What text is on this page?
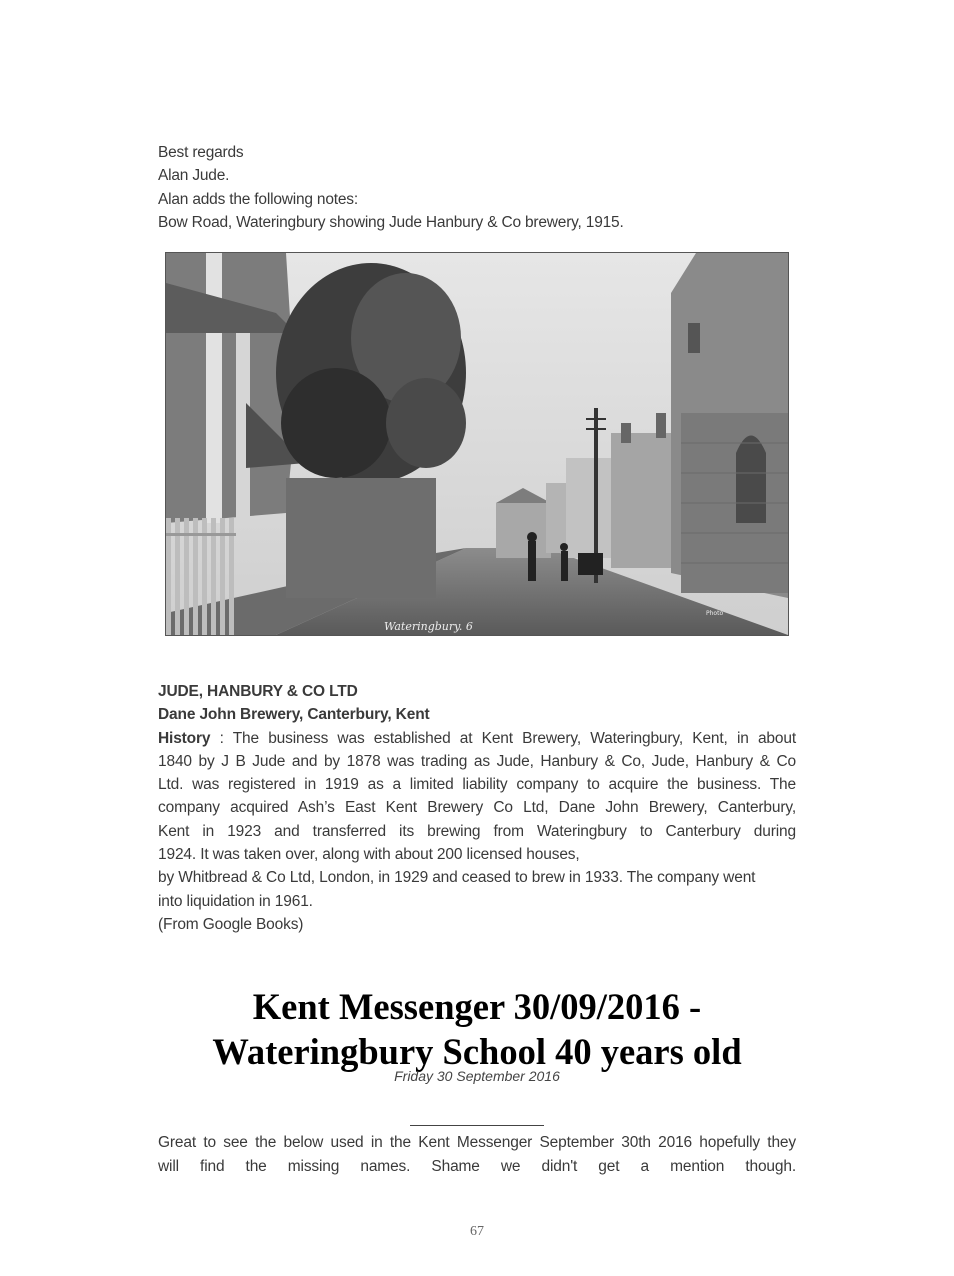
Best regards
Alan Jude.
Alan adds the following notes:
Bow Road, Wateringbury showing Jude Hanbury & Co brewery, 1915.
Wateringbury. 6
Photo
JUDE, HANBURY & CO LTD
Dane John Brewery, Canterbury, Kent
History : The business was established at Kent Brewery, Wateringbury, Kent, in about
1840 by J B Jude and by 1878 was trading as Jude, Hanbury & Co, Jude, Hanbury & Co
Ltd. was registered in 1919 as a limited liability company to acquire the business. The
company acquired Ash’s East Kent Brewery Co Ltd, Dane John Brewery, Canterbury,
Kent in 1923 and transferred its brewing from Wateringbury to Canterbury during
1924. It was taken over, along with about 200 licensed houses,
by Whitbread & Co Ltd, London, in 1929 and ceased to brew in 1933. The company went
into liquidation in 1961.
(From Google Books)
Kent Messenger 30/09/2016 -
Wateringbury School 40 years old
Friday 30 September 2016
Great to see the below used in the Kent Messenger September 30th 2016 hopefully they
will find the missing names. Shame we didn't get a mention though.
67
